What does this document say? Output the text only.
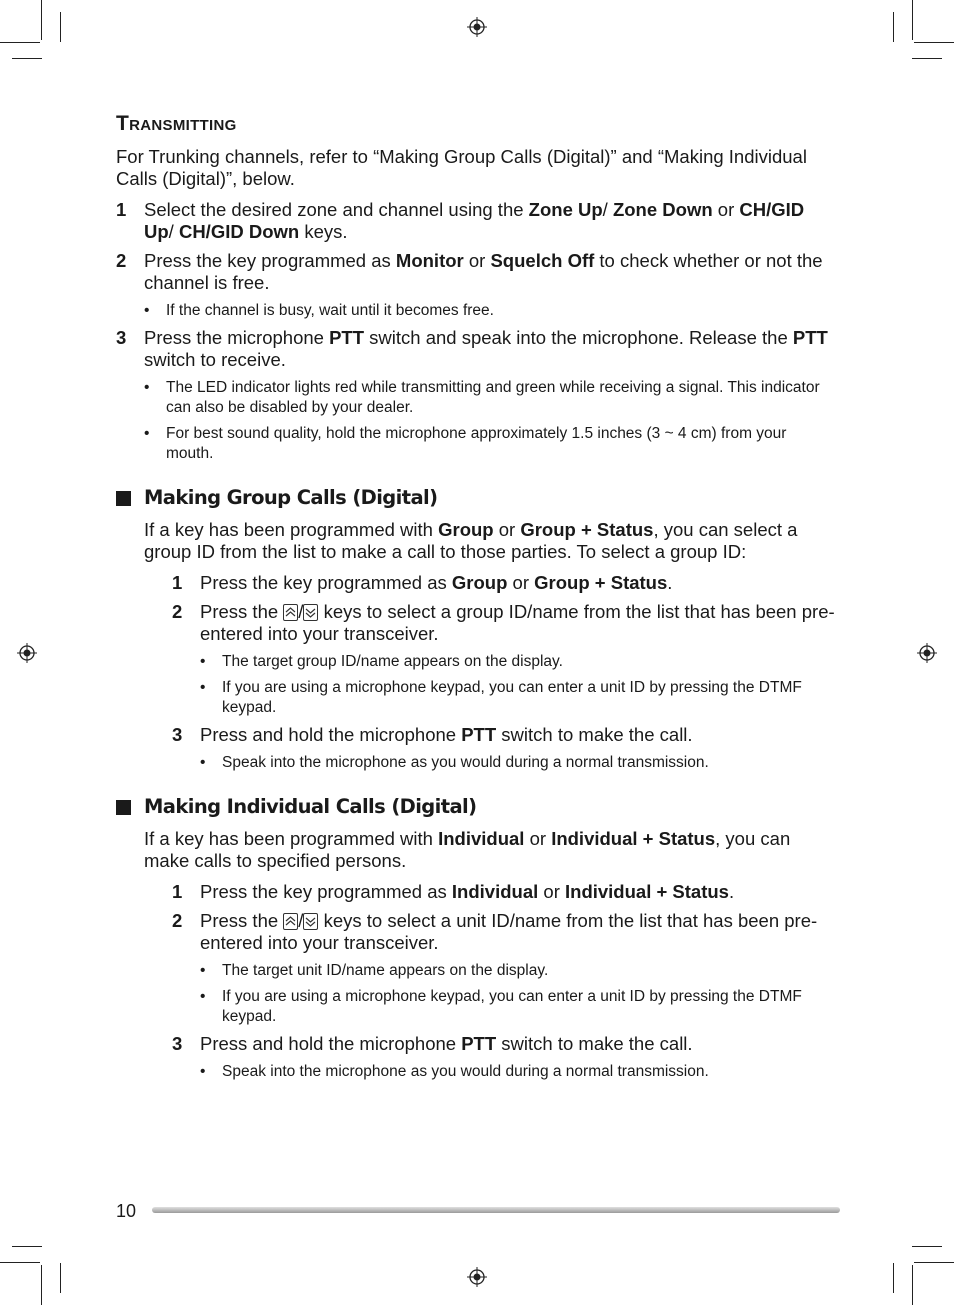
Transmitting

For Trunking channels, refer to “Making Group Calls (Digital)” and “Making Individual Calls (Digital)”, below.

1 Select the desired zone and channel using the Zone Up/ Zone Down or CH/GID Up/ CH/GID Down keys.
2 Press the key programmed as Monitor or Squelch Off to check whether or not the channel is free.
• If the channel is busy, wait until it becomes free.
3 Press the microphone PTT switch and speak into the microphone. Release the PTT switch to receive.
• The LED indicator lights red while transmitting and green while receiving a signal. This indicator can also be disabled by your dealer.
• For best sound quality, hold the microphone approximately 1.5 inches (3 ~ 4 cm) from your mouth.
Making Group Calls (Digital)

If a key has been programmed with Group or Group + Status, you can select a group ID from the list to make a call to those parties. To select a group ID:

1 Press the key programmed as Group or Group + Status.
2 Press the
/
keys to select a group ID/name from the list that has been pre-entered into your transceiver.
• The target group ID/name appears on the display.
• If you are using a microphone keypad, you can enter a unit ID by pressing the DTMF keypad.
3 Press and hold the microphone PTT switch to make the call.
• Speak into the microphone as you would during a normal transmission.
Making Individual Calls (Digital)

If a key has been programmed with Individual or Individual + Status, you can make calls to specified persons.

1 Press the key programmed as Individual or Individual + Status.
2 Press the
/
keys to select a unit ID/name from the list that has been pre-entered into your transceiver.
• The target unit ID/name appears on the display.
• If you are using a microphone keypad, you can enter a unit ID by pressing the DTMF keypad.
3 Press and hold the microphone PTT switch to make the call.
• Speak into the microphone as you would during a normal transmission.
10
